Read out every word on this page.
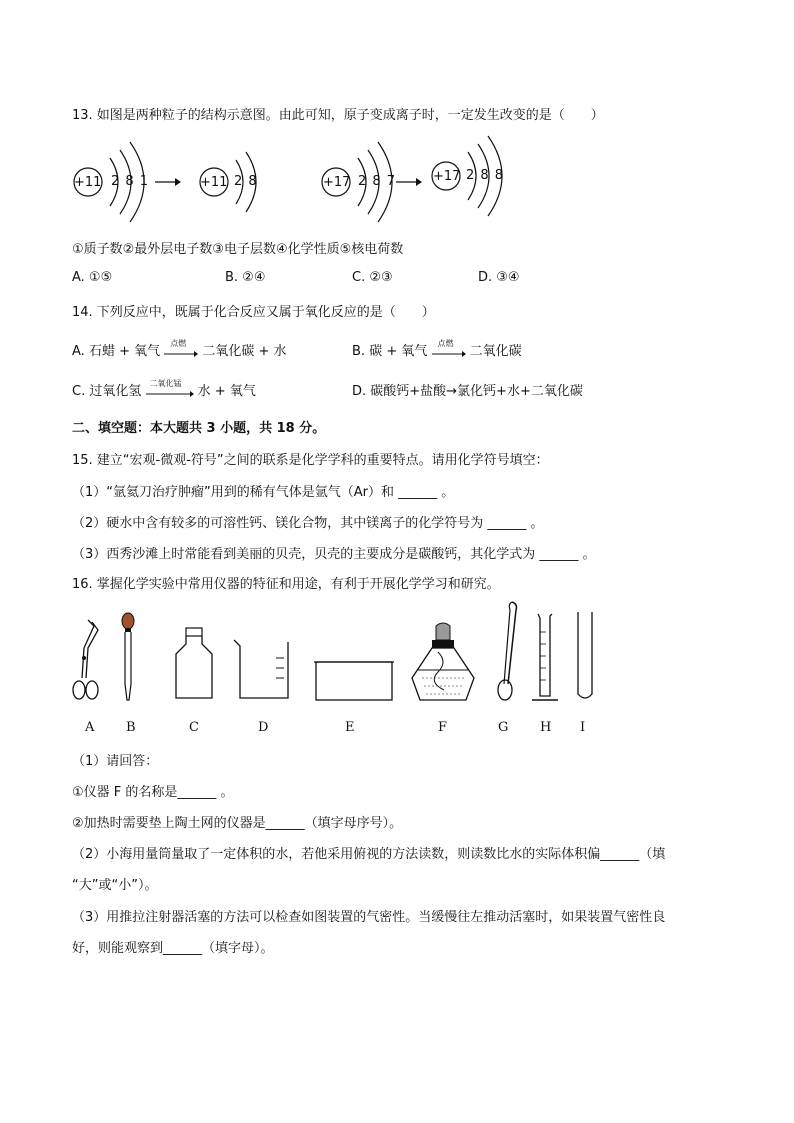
13. 如图是两种粒子的结构示意图。由此可知，原子变成离子时，一定发生改变的是（　　）
+11 2 8 1	+11 2 8	+17 2 8 7	+17 2 8 8
①质子数②最外层电子数③电子层数④化学性质⑤核电荷数
A. ①⑤	B. ②④	C. ②③	D. ③④
14. 下列反应中，既属于化合反应又属于氧化反应的是（　　）
A. 石蜡 + 氧气
点燃
二氧化碳 + 水	B. 碳 + 氧气
点燃
二氧化碳
C. 过氧化氢
二氧化锰
水 + 氧气	D. 碳酸钙+盐酸→氯化钙+水+二氧化碳
二、填空题：本大题共 3 小题，共 18 分。
15. 建立“宏观-微观-符号”之间的联系是化学学科的重要特点。请用化学符号填空：
（1）“氩氦刀治疗肿瘤”用到的稀有气体是氩气（Ar）和 ______ 。
（2）硬水中含有较多的可溶性钙、镁化合物，其中镁离子的化学符号为 ______ 。
（3）西秀沙滩上时常能看到美丽的贝壳，贝壳的主要成分是碳酸钙，其化学式为 ______ 。
16. 掌握化学实验中常用仪器的特征和用途，有利于开展化学学习和研究。
A B	C	D	E	F	G H I
（1）请回答：
①仪器 F 的名称是______ 。
②加热时需要垫上陶土网的仪器是______（填字母序号）。
（2）小海用量筒量取了一定体积的水，若他采用俯视的方法读数，则读数比水的实际体积偏______（填
“大”或“小”）。
（3）用推拉注射器活塞的方法可以检查如图装置的气密性。当缓慢往左推动活塞时，如果装置气密性良
好，则能观察到______（填字母）。
